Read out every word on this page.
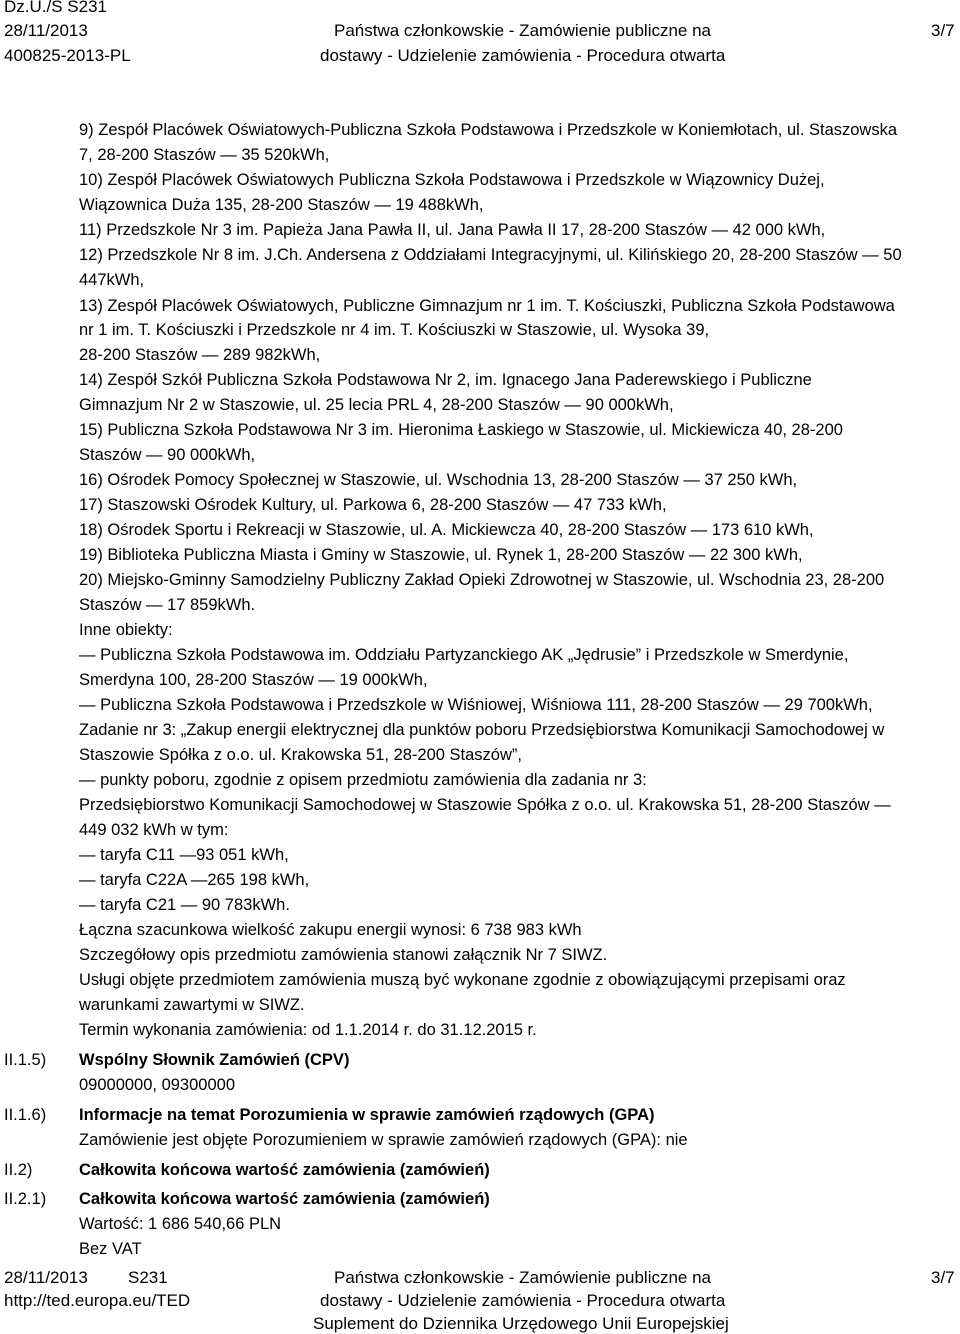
Dz.U./S S231
28/11/2013
400825-2013-PL
Państwa członkowskie - Zamówienie publiczne na
dostawy - Udzielenie zamówienia - Procedura otwarta
3/7
9) Zespół Placówek Oświatowych-Publiczna Szkoła Podstawowa i Przedszkole w Koniemłotach, ul. Staszowska
7, 28-200 Staszów — 35 520kWh,
10) Zespół Placówek Oświatowych Publiczna Szkoła Podstawowa i Przedszkole w Wiązownicy Dużej,
Wiązownica Duża 135, 28-200 Staszów — 19 488kWh,
11) Przedszkole Nr 3 im. Papieża Jana Pawła II, ul. Jana Pawła II 17, 28-200 Staszów — 42 000 kWh,
12) Przedszkole Nr 8 im. J.Ch. Andersena z Oddziałami Integracyjnymi, ul. Kilińskiego 20, 28-200 Staszów — 50
447kWh,
13) Zespół Placówek Oświatowych, Publiczne Gimnazjum nr 1 im. T. Kościuszki, Publiczna Szkoła Podstawowa
nr 1 im. T. Kościuszki i Przedszkole nr 4 im. T. Kościuszki w Staszowie, ul. Wysoka 39,
28-200 Staszów — 289 982kWh,
14) Zespół Szkół Publiczna Szkoła Podstawowa Nr 2, im. Ignacego Jana Paderewskiego i Publiczne
Gimnazjum Nr 2 w Staszowie, ul. 25 lecia PRL 4, 28-200 Staszów — 90 000kWh,
15) Publiczna Szkoła Podstawowa Nr 3 im. Hieronima Łaskiego w Staszowie, ul. Mickiewicza 40, 28-200
Staszów — 90 000kWh,
16) Ośrodek Pomocy Społecznej w Staszowie, ul. Wschodnia 13, 28-200 Staszów — 37 250 kWh,
17) Staszowski Ośrodek Kultury, ul. Parkowa 6, 28-200 Staszów — 47 733 kWh,
18) Ośrodek Sportu i Rekreacji w Staszowie, ul. A. Mickiewcza 40, 28-200 Staszów — 173 610 kWh,
19) Biblioteka Publiczna Miasta i Gminy w Staszowie, ul. Rynek 1, 28-200 Staszów — 22 300 kWh,
20) Miejsko-Gminny Samodzielny Publiczny Zakład Opieki Zdrowotnej w Staszowie, ul. Wschodnia 23, 28-200
Staszów — 17 859kWh.
Inne obiekty:
— Publiczna Szkoła Podstawowa im. Oddziału Partyzanckiego AK „Jędrusie” i Przedszkole w Smerdynie,
Smerdyna 100, 28-200 Staszów — 19 000kWh,
— Publiczna Szkoła Podstawowa i Przedszkole w Wiśniowej, Wiśniowa 111, 28-200 Staszów — 29 700kWh,
Zadanie nr 3: „Zakup energii elektrycznej dla punktów poboru Przedsiębiorstwa Komunikacji Samochodowej w
Staszowie Spółka z o.o. ul. Krakowska 51, 28-200 Staszów”,
— punkty poboru, zgodnie z opisem przedmiotu zamówienia dla zadania nr 3:
Przedsiębiorstwo Komunikacji Samochodowej w Staszowie Spółka z o.o. ul. Krakowska 51, 28-200 Staszów —
449 032 kWh w tym:
— taryfa C11 —93 051 kWh,
— taryfa C22A —265 198 kWh,
— taryfa C21 — 90 783kWh.
Łączna szacunkowa wielkość zakupu energii wynosi: 6 738 983 kWh
Szczegółowy opis przedmiotu zamówienia stanowi załącznik Nr 7 SIWZ.
Usługi objęte przedmiotem zamówienia muszą być wykonane zgodnie z obowiązującymi przepisami oraz
warunkami zawartymi w SIWZ.
Termin wykonania zamówienia: od 1.1.2014 r. do 31.12.2015 r.
II.1.5) Wspólny Słownik Zamówień (CPV)
09000000, 09300000
II.1.6) Informacje na temat Porozumienia w sprawie zamówień rządowych (GPA)
Zamówienie jest objęte Porozumieniem w sprawie zamówień rządowych (GPA): nie
II.2)	Całkowita końcowa wartość zamówienia (zamówień)
II.2.1) Całkowita końcowa wartość zamówienia (zamówień)
Wartość: 1 686 540,66 PLN
Bez VAT
28/11/2013 S231
http://ted.europa.eu/TED
Państwa członkowskie - Zamówienie publiczne na
dostawy - Udzielenie zamówienia - Procedura otwarta
Suplement do Dziennika Urzędowego Unii Europejskiej
3/7
